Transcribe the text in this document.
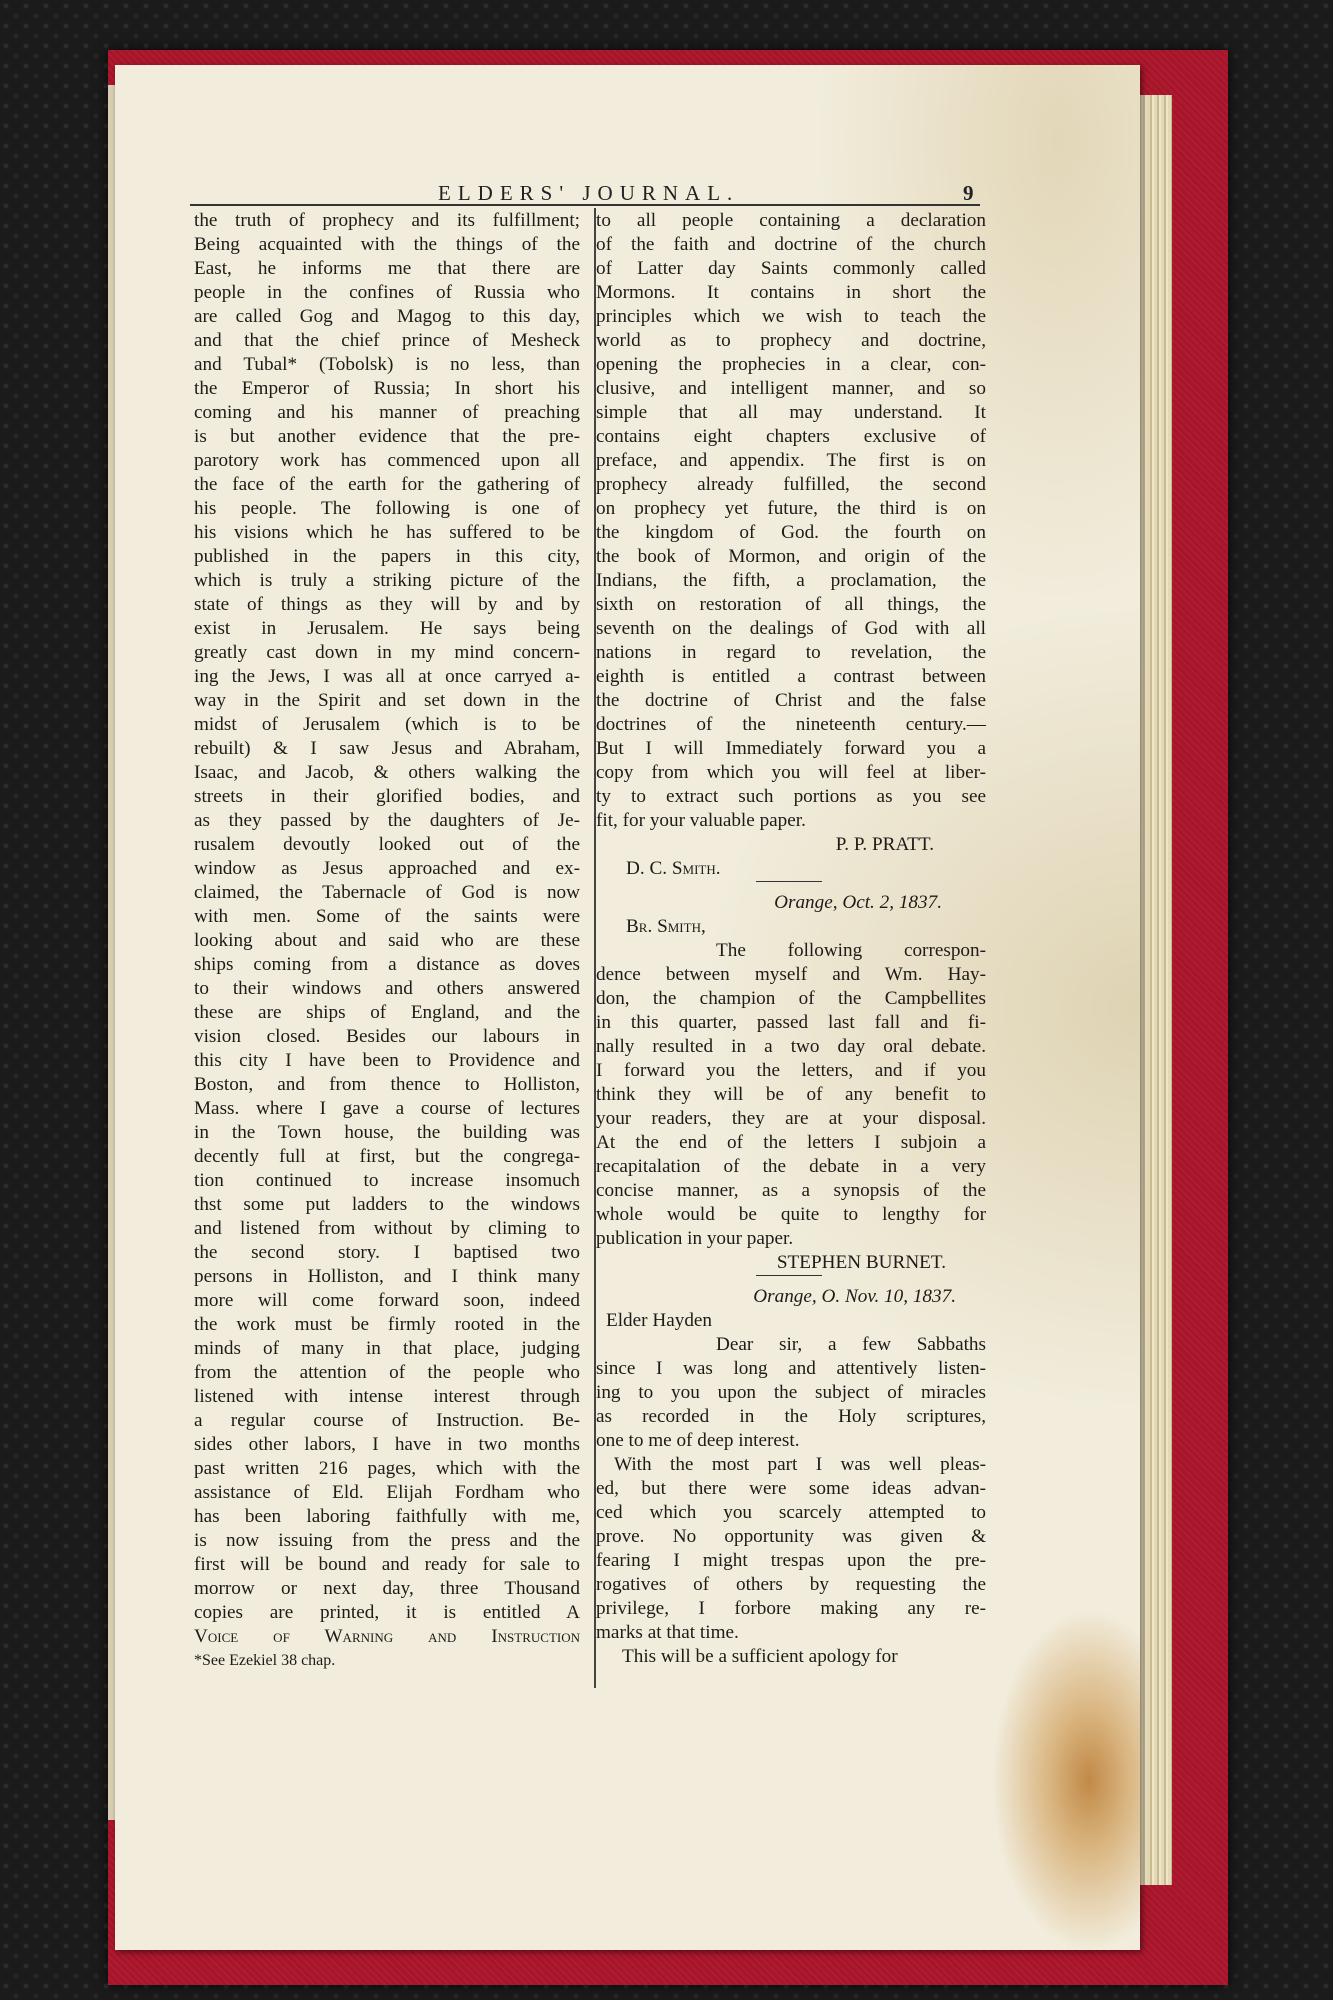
ELDERS' JOURNAL.	9
the truth of prophecy and its fulfillment;
Being acquainted with the things of the
East, he informs me that there are
people in the confines of Russia who
are called Gog and Magog to this day,
and that the chief prince of Mesheck
and Tubal* (Tobolsk) is no less, than
the Emperor of Russia; In short his
coming and his manner of preaching
is but another evidence that the pre-
parotory work has commenced upon all
the face of the earth for the gathering of
his people. The following is one of
his visions which he has suffered to be
published in the papers in this city,
which is truly a striking picture of the
state of things as they will by and by
exist in Jerusalem. He says being
greatly cast down in my mind concern-
ing the Jews, I was all at once carryed a-
way in the Spirit and set down in the
midst of Jerusalem (which is to be
rebuilt) & I saw Jesus and Abraham,
Isaac, and Jacob, & others walking the
streets in their glorified bodies, and
as they passed by the daughters of Je-
rusalem devoutly looked out of the
window as Jesus approached and ex-
claimed, the Tabernacle of God is now
with men. Some of the saints were
looking about and said who are these
ships coming from a distance as doves
to their windows and others answered
these are ships of England, and the
vision closed. Besides our labours in
this city I have been to Providence and
Boston, and from thence to Holliston,
Mass. where I gave a course of lectures
in the Town house, the building was
decently full at first, but the congrega-
tion continued to increase insomuch
thst some put ladders to the windows
and listened from without by climing to
the second story. I baptised two
persons in Holliston, and I think many
more will come forward soon, indeed
the work must be firmly rooted in the
minds of many in that place, judging
from the attention of the people who
listened with intense interest through
a regular course of Instruction. Be-
sides other labors, I have in two months
past written 216 pages, which with the
assistance of Eld. Elijah Fordham who
has been laboring faithfully with me,
is now issuing from the press and the
first will be bound and ready for sale to
morrow or next day, three Thousand
copies are printed, it is entitled A
Voice of Warning and Instruction
*See Ezekiel 38 chap.
to all people containing a declaration
of the faith and doctrine of the church
of Latter day Saints commonly called
Mormons. It contains in short the
principles which we wish to teach the
world as to prophecy and doctrine,
opening the prophecies in a clear, con-
clusive, and intelligent manner, and so
simple that all may understand. It
contains eight chapters exclusive of
preface, and appendix. The first is on
prophecy already fulfilled, the second
on prophecy yet future, the third is on
the kingdom of God. the fourth on
the book of Mormon, and origin of the
Indians, the fifth, a proclamation, the
sixth on restoration of all things, the
seventh on the dealings of God with all
nations in regard to revelation, the
eighth is entitled a contrast between
the doctrine of Christ and the false
doctrines of the nineteenth century.—
But I will Immediately forward you a
copy from which you will feel at liber-
ty to extract such portions as you see
fit, for your valuable paper.
P. P. PRATT.
D. C. Smith.
Orange, Oct. 2, 1837.
Br. Smith,
The following correspon-
dence between myself and Wm. Hay-
don, the champion of the Campbellites
in this quarter, passed last fall and fi-
nally resulted in a two day oral debate.
I forward you the letters, and if you
think they will be of any benefit to
your readers, they are at your disposal.
At the end of the letters I subjoin a
recapitalation of the debate in a very
concise manner, as a synopsis of the
whole would be quite to lengthy for
publication in your paper.
STEPHEN BURNET.
Orange, O. Nov. 10, 1837.
Elder Hayden
Dear sir, a few Sabbaths
since I was long and attentively listen-
ing to you upon the subject of miracles
as recorded in the Holy scriptures,
one to me of deep interest.
With the most part I was well pleas-
ed, but there were some ideas advan-
ced which you scarcely attempted to
prove. No opportunity was given &
fearing I might trespas upon the pre-
rogatives of others by requesting the
privilege, I forbore making any re-
marks at that time.
This will be a sufficient apology for
